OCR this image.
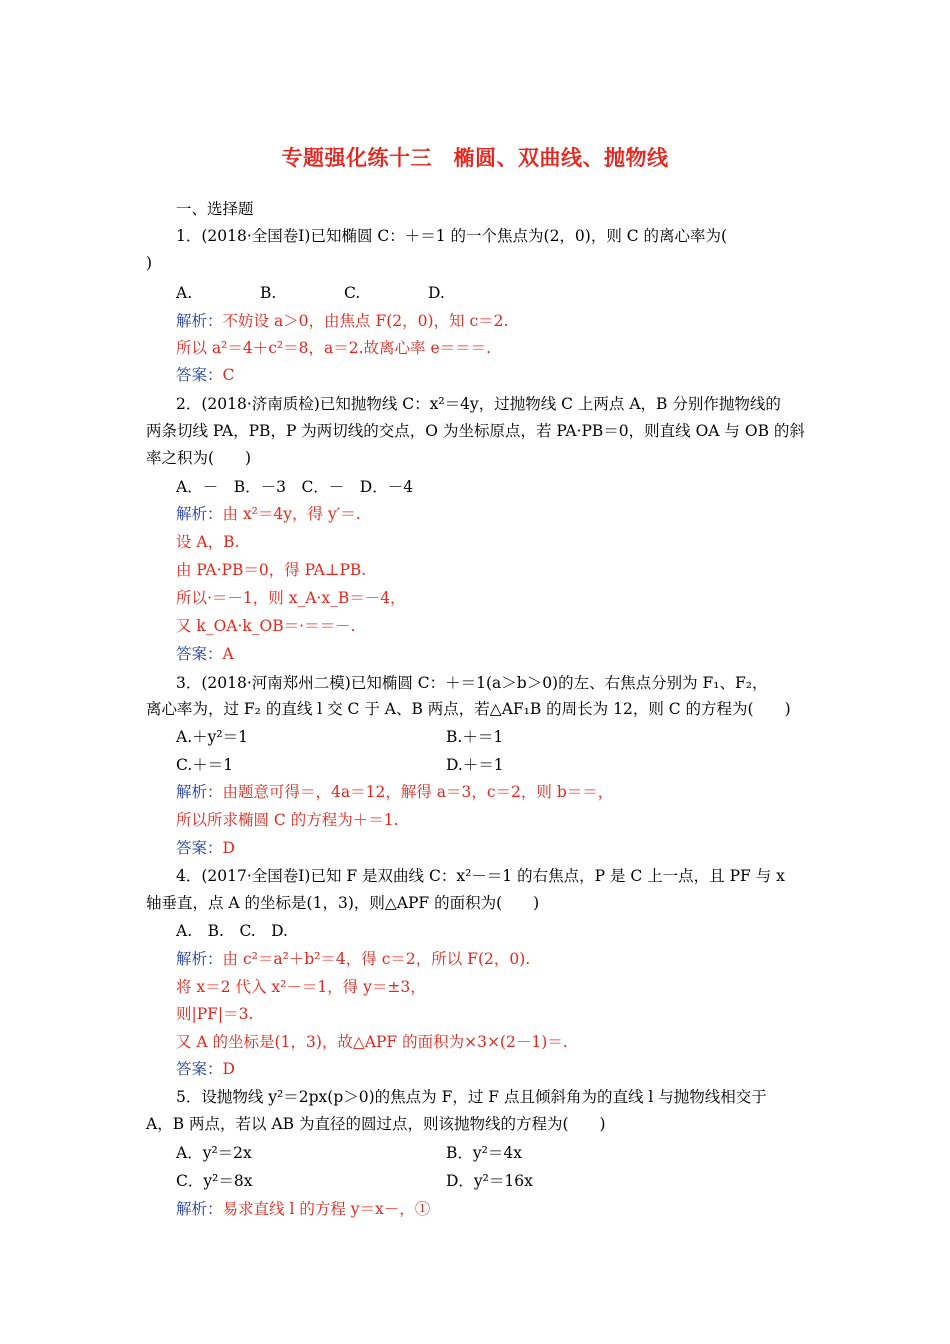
专题强化练十三　椭圆、双曲线、抛物线
一、选择题
1．(2018·全国卷Ⅰ)已知椭圆 C：＋＝1 的一个焦点为(2，0)，则 C 的离心率为(
)
A.	B.	C.	D.
解析：不妨设 a＞0，由焦点 F(2，0)，知 c＝2.
所以 a²＝4＋c²＝8，a＝2.故离心率 e＝＝＝.
答案：C
2．(2018·济南质检)已知抛物线 C：x²＝4y，过抛物线 C 上两点 A，B 分别作抛物线的
两条切线 PA，PB，P 为两切线的交点，O 为坐标原点，若 PA·PB＝0，则直线 OA 与 OB 的斜
率之积为(　　)
A．－　B．－3　C．－　D．－4
解析：由 x²＝4y，得 y′＝.
设 A，B.
由 PA·PB＝0，得 PA⊥PB.
所以·＝－1，则 x_A·x_B＝－4，
又 k_OA·k_OB＝·＝＝－.
答案：A
3．(2018·河南郑州二模)已知椭圆 C：＋＝1(a＞b＞0)的左、右焦点分别为 F₁、F₂，
离心率为，过 F₂ 的直线 l 交 C 于 A、B 两点，若△AF₁B 的周长为 12，则 C 的方程为(　　)
A.＋y²＝1	B.＋＝1
C.＋＝1	D.＋＝1
解析：由题意可得＝，4a＝12，解得 a＝3，c＝2，则 b＝＝，
所以所求椭圆 C 的方程为＋＝1.
答案：D
4．(2017·全国卷Ⅰ)已知 F 是双曲线 C：x²－＝1 的右焦点，P 是 C 上一点，且 PF 与 x
轴垂直，点 A 的坐标是(1，3)，则△APF 的面积为(　　)
A.　B.　C.　D.
解析：由 c²＝a²＋b²＝4，得 c＝2，所以 F(2，0).
将 x＝2 代入 x²－＝1，得 y＝±3，
则|PF|＝3.
又 A 的坐标是(1，3)，故△APF 的面积为×3×(2－1)＝.
答案：D
5．设抛物线 y²＝2px(p＞0)的焦点为 F，过 F 点且倾斜角为的直线 l 与抛物线相交于
A，B 两点，若以 AB 为直径的圆过点，则该抛物线的方程为(　　)
A．y²＝2x	B．y²＝4x
C．y²＝8x	D．y²＝16x
解析：易求直线 l 的方程 y＝x－，①
